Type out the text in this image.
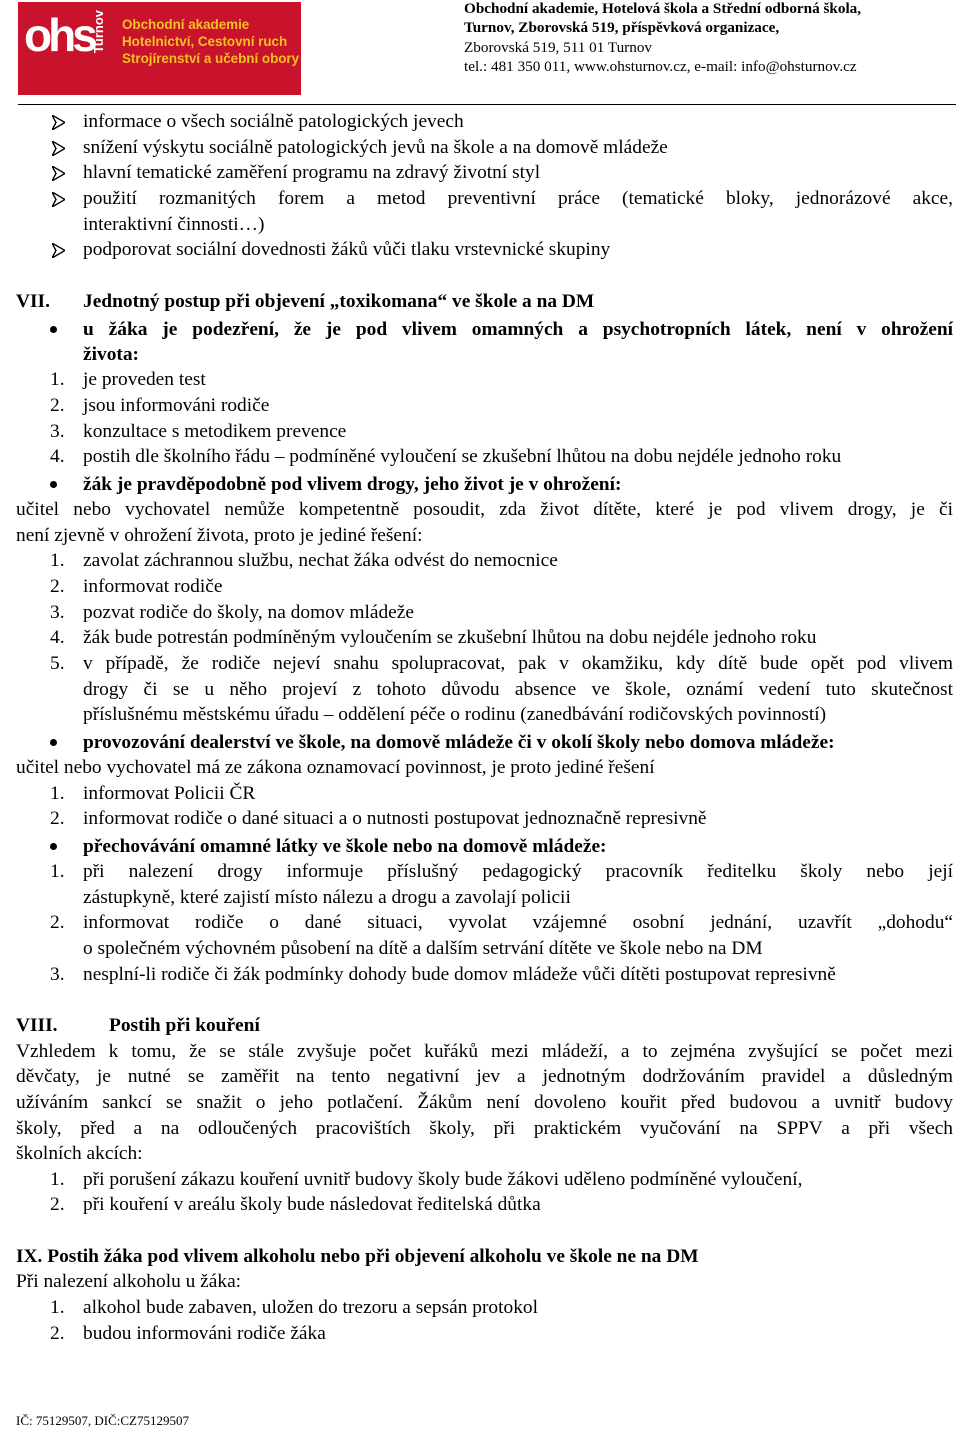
ohs
Turnov Obchodní akademie
Hotelnictví, Cestovní ruch
Strojírenství a učební obory
Obchodní akademie, Hotelová škola a Střední odborná škola,
Turnov, Zborovská 519, příspěvková organizace,
Zborovská 519, 511 01 Turnov
tel.: 481 350 011, www.ohsturnov.cz, e-mail: info@ohsturnov.cz
informace o všech sociálně patologických jevech
snížení výskytu sociálně patologických jevů na škole a na domově mládeže
hlavní tematické zaměření programu na zdravý životní styl
použití rozmanitých forem a metod preventivní práce (tematické bloky, jednorázové akce,
interaktivní činnosti…)
podporovat sociální dovednosti žáků vůči tlaku vrstevnické skupiny
VII. Jednotný postup při objevení „toxikomana“ ve škole a na DM
u žáka je podezření, že je pod vlivem omamných a psychotropních látek, není v ohrožení
života:
1. je proveden test
2. jsou informováni rodiče
3. konzultace s metodikem prevence
4. postih dle školního řádu – podmíněné vyloučení se zkušební lhůtou na dobu nejdéle jednoho roku
žák je pravděpodobně pod vlivem drogy, jeho život je v ohrožení:
učitel nebo vychovatel nemůže kompetentně posoudit, zda život dítěte, které je pod vlivem drogy, je či
není zjevně v ohrožení života, proto je jediné řešení:
1. zavolat záchrannou službu, nechat žáka odvést do nemocnice
2. informovat rodiče
3. pozvat rodiče do školy, na domov mládeže
4. žák bude potrestán podmíněným vyloučením se zkušební lhůtou na dobu nejdéle jednoho roku
5. v případě, že rodiče nejeví snahu spolupracovat, pak v okamžiku, kdy dítě bude opět pod vlivem
drogy či se u něho projeví z tohoto důvodu absence ve škole, oznámí vedení tuto skutečnost
příslušnému městskému úřadu – oddělení péče o rodinu (zanedbávání rodičovských povinností)
provozování dealerství ve škole, na domově mládeže či v okolí školy nebo domova mládeže:
učitel nebo vychovatel má ze zákona oznamovací povinnost, je proto jediné řešení
1. informovat Policii ČR
2. informovat rodiče o dané situaci a o nutnosti postupovat jednoznačně represivně
přechovávání omamné látky ve škole nebo na domově mládeže:
1. při nalezení drogy informuje příslušný pedagogický pracovník ředitelku školy nebo její
zástupkyně, které zajistí místo nálezu a drogu a zavolají policii
2. informovat rodiče o dané situaci, vyvolat vzájemné osobní jednání, uzavřít „dohodu“
o společném výchovném působení na dítě a dalším setrvání dítěte ve škole nebo na DM
3. nesplní-li rodiče či žák podmínky dohody bude domov mládeže vůči dítěti postupovat represivně
VIII.	Postih při kouření
Vzhledem k tomu, že se stále zvyšuje počet kuřáků mezi mládeží, a to zejména zvyšující se počet mezi
děvčaty, je nutné se zaměřit na tento negativní jev a jednotným dodržováním pravidel a důsledným
užíváním sankcí se snažit o jeho potlačení. Žákům není dovoleno kouřit před budovou a uvnitř budovy
školy, před a na odloučených pracovištích školy, při praktickém vyučování na SPPV a při všech
školních akcích:
1. při porušení zákazu kouření uvnitř budovy školy bude žákovi uděleno podmíněné vyloučení,
2. při kouření v areálu školy bude následovat ředitelská důtka
IX. Postih žáka pod vlivem alkoholu nebo při objevení alkoholu ve škole ne na DM
Při nalezení alkoholu u žáka:
1. alkohol bude zabaven, uložen do trezoru a sepsán protokol
2. budou informováni rodiče žáka
IČ: 75129507, DIČ:CZ75129507
